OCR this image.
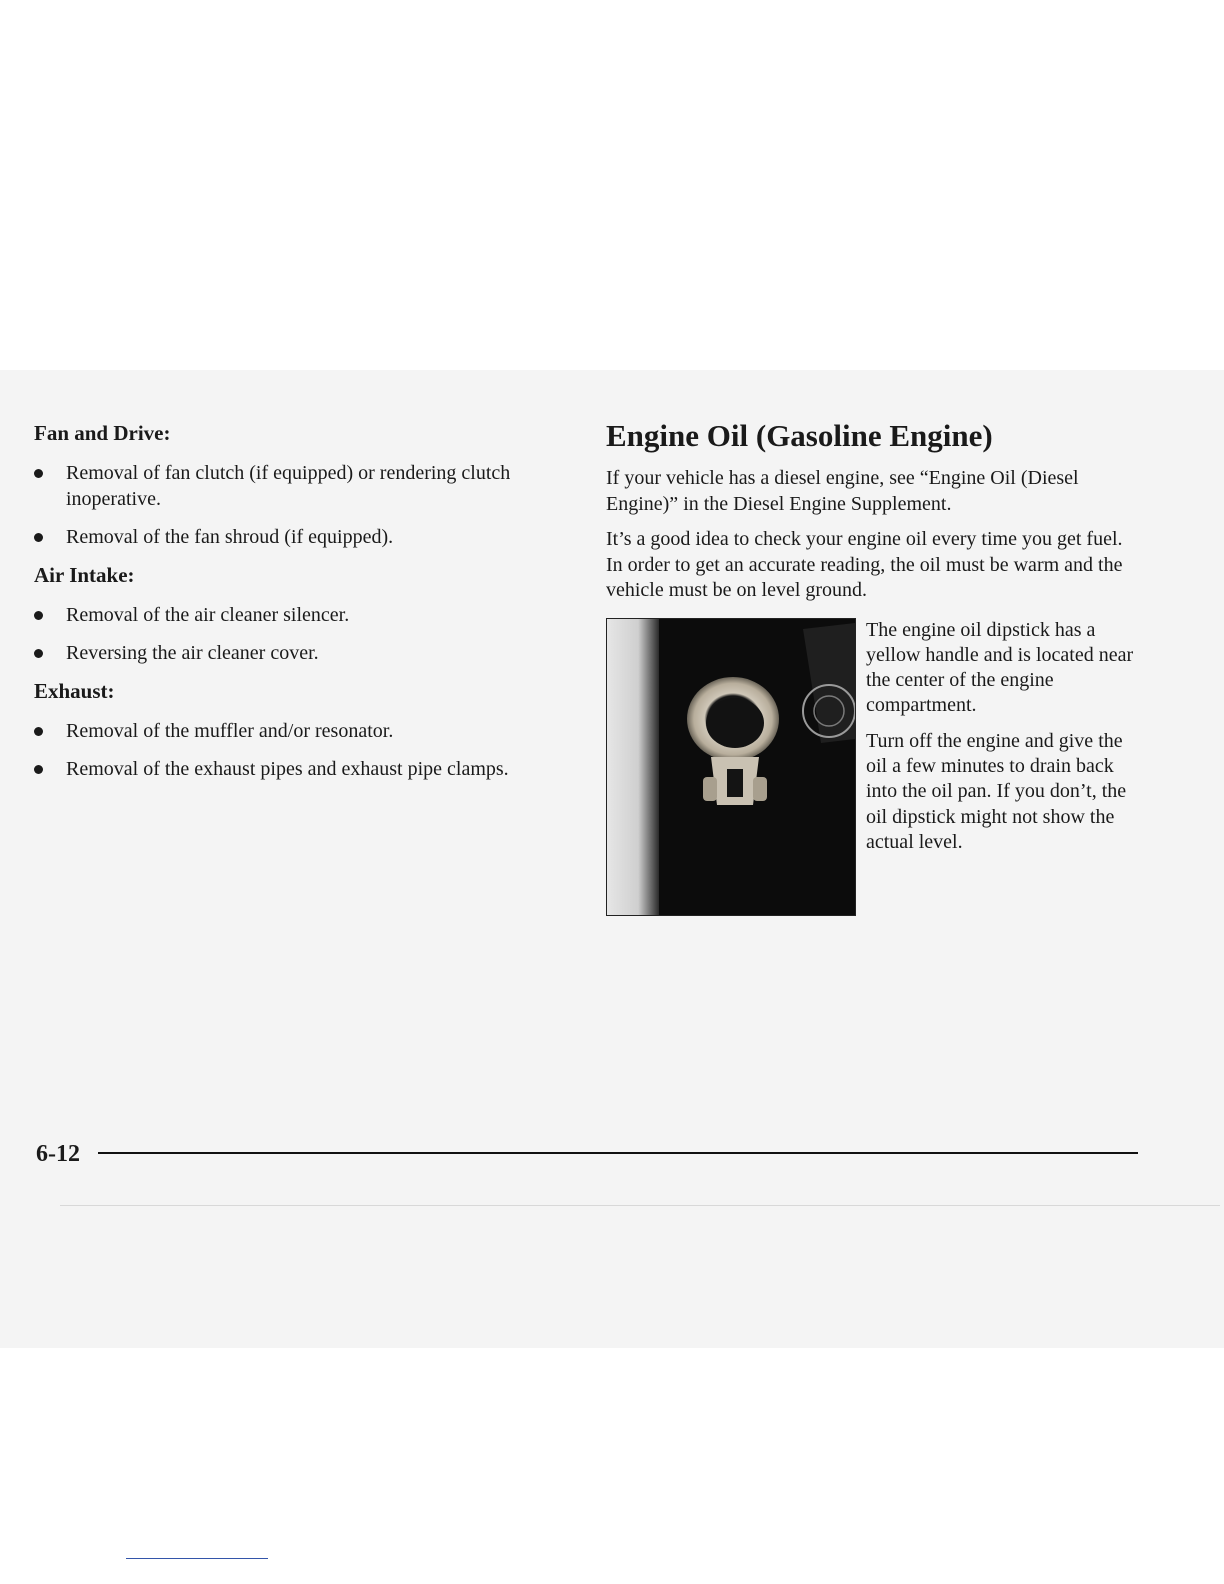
Fan and Drive:
Removal of fan clutch (if equipped) or rendering clutch inoperative.
Removal of the fan shroud (if equipped).
Air Intake:
Removal of the air cleaner silencer.
Reversing the air cleaner cover.
Exhaust:
Removal of the muffler and/or resonator.
Removal of the exhaust pipes and exhaust pipe clamps.
Engine Oil (Gasoline Engine)

If your vehicle has a diesel engine, see “Engine Oil (Diesel Engine)” in the Diesel Engine Supplement.

It’s a good idea to check your engine oil every time you get fuel. In order to get an accurate reading, the oil must be warm and the vehicle must be on level ground.

The engine oil dipstick has a yellow handle and is located near the center of the engine compartment.

Turn off the engine and give the oil a few minutes to drain back into the oil pan. If you don’t, the oil dipstick might not show the actual level.

6-12
